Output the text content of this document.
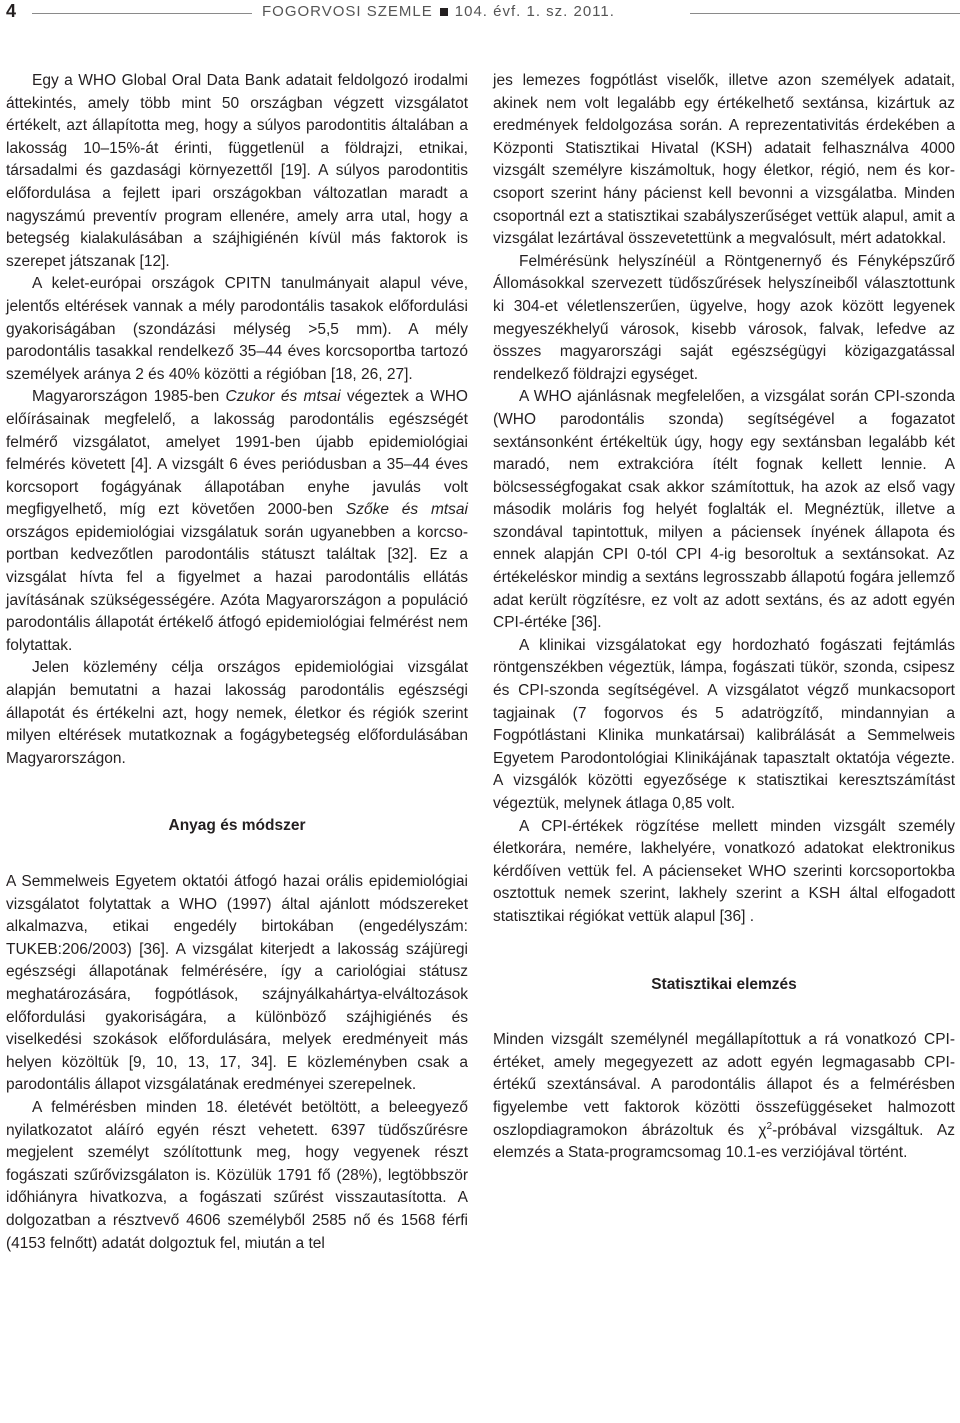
4	FOGORVOSI SZEMLE 104. évf. 1. sz. 2011.

Egy a WHO Global Oral Data Bank adatait feldolgozó irodalmi áttekintés, amely több mint 50 országban végzett vizsgálatot értékelt, azt állapította meg, hogy a súlyos parodontitis általában a lakosság 10–15%-át érinti, függetlenül a földrajzi, etnikai, társadalmi és gazdasági környezettől [19]. A súlyos parodontitis előfordulása a fejlett ipari országokban változatlan maradt a nagyszámú preventív program ellenére, amely arra utal, hogy a betegség kialakulásában a szájhigiénén kívül más faktorok is szerepet játszanak [12].

A kelet-európai országok CPITN tanulmányait alapul véve, jelentős eltérések vannak a mély parodontális tasakok előfordulási gyakoriságában (szondázási mélység >5,5 mm). A mély parodontális tasakkal rendelkező 35–44 éves korcsoportba tartozó személyek aránya 2 és 40% közötti a régióban [18, 26, 27].

Magyarországon 1985-ben Czukor és mtsai végeztek a WHO előírásainak megfelelő, a lakosság parodontális egészségét felmérő vizsgálatot, amelyet 1991-ben újabb epidemiológiai felmérés követett [4]. A vizsgált 6 éves periódusban a 35–44 éves korcsoport fogágyának állapotában enyhe javulás volt megfigyelhető, míg ezt követően 2000-ben Szőke és mtsai országos epidemiológiai vizsgálatuk során ugyanebben a korcsoportban kedvezőtlen parodontális státuszt találtak [32]. Ez a vizsgálat hívta fel a figyelmet a hazai parodontális ellátás javításának szükségességére. Azóta Magyarországon a populáció parodontális állapotát értékelő átfogó epidemiológiai felmérést nem folytattak.

Jelen közlemény célja országos epidemiológiai vizsgálat alapján bemutatni a hazai lakosság parodontális egészségi állapotát és értékelni azt, hogy nemek, életkor és régiók szerint milyen eltérések mutatkoznak a fogágybetegség előfordulásában Magyarországon.

Anyag és módszer

A Semmelweis Egyetem oktatói átfogó hazai orális epidemiológiai vizsgálatot folytattak a WHO (1997) által ajánlott módszereket alkalmazva, etikai engedély birtokában (engedélyszám: TUKEB:206/2003) [36]. A vizsgálat kiterjedt a lakosság szájüregi egészségi állapotának felmérésére, így a cariológiai státusz meghatározására, fogpótlások, szájnyálkahártya-elváltozások előfordulási gyakoriságára, a különböző szájhigiénés és viselkedési szokások előfordulására, melyek eredményeit más helyen közöltük [9, 10, 13, 17, 34]. E közleményben csak a parodontális állapot vizsgálatának eredményei szerepelnek.

A felmérésben minden 18. életévét betöltött, a beleegyező nyilatkozatot aláíró egyén részt vehetett. 6397 tüdőszűrésre megjelent személyt szólítottunk meg, hogy vegyenek részt fogászati szűrővizsgálaton is. Közülük 1791 fő (28%), legtöbbször időhiányra hivatkozva, a fogászati szűrést visszautasította. A dolgozatban a résztvevő 4606 személyből 2585 nő és 1568 férfi (4153 felnőtt) adatát dolgoztuk fel, miután a tel

jes lemezes fogpótlást viselők, illetve azon személyek adatait, akinek nem volt legalább egy értékelhető sextánsa, kizártuk az eredmények feldolgozása során. A reprezentativitás érdekében a Központi Statisztikai Hivatal (KSH) adatait felhasználva 4000 vizsgált személyre kiszámoltuk, hogy életkor, régió, nem és korcsoport szerint hány pácienst kell bevonni a vizsgálatba. Minden csoportnál ezt a statisztikai szabályszerűséget vettük alapul, amit a vizsgálat lezártával összevetettünk a megvalósult, mért adatokkal.

Felmérésünk helyszínéül a Röntgenernyő és Fényképszűrő Állomásokkal szervezett tüdőszűrések helyszíneiből választottunk ki 304-et véletlenszerűen, ügyelve, hogy azok között legyenek megyeszékhelyű városok, kisebb városok, falvak, lefedve az összes magyarországi saját egészségügyi közigazgatással rendelkező földrajzi egységet.

A WHO ajánlásnak megfelelően, a vizsgálat során CPI-szonda (WHO parodontális szonda) segítségével a fogazatot sextánsonként értékeltük úgy, hogy egy sextánsban legalább két maradó, nem extrakcióra ítélt fognak kellett lennie. A bölcsességfogakat csak akkor számítottuk, ha azok az első vagy második moláris fog helyét foglalták el. Megnéztük, illetve a szondával tapintottuk, milyen a páciensek ínyének állapota és ennek alapján CPI 0-tól CPI 4-ig besoroltuk a sextánsokat. Az értékeléskor mindig a sextáns legrosszabb állapotú fogára jellemző adat került rögzítésre, ez volt az adott sextáns, és az adott egyén CPI-értéke [36].

A klinikai vizsgálatokat egy hordozható fogászati fejtámlás röntgenszékben végeztük, lámpa, fogászati tükör, szonda, csipesz és CPI-szonda segítségével. A vizsgálatot végző munkacsoport tagjainak (7 fogorvos és 5 adatrögzítő, mindannyian a Fogpótlástani Klinika munkatársai) kalibrálását a Semmelweis Egyetem Parodontológiai Klinikájának tapasztalt oktatója végezte. A vizsgálók közötti egyezősége κ statisztikai keresztszámítást végeztük, melynek átlaga 0,85 volt.

A CPI-értékek rögzítése mellett minden vizsgált személy életkorára, nemére, lakhelyére, vonatkozó adatokat elektronikus kérdőíven vettük fel. A pácienseket WHO szerinti korcsoportokba osztottuk nemek szerint, lakhely szerint a KSH által elfogadott statisztikai régiókat vettük alapul [36] .

Statisztikai elemzés

Minden vizsgált személynél megállapítottuk a rá vonatkozó CPI-értéket, amely megegyezett az adott egyén legmagasabb CPI-értékű szextánsával. A parodontális állapot és a felmérésben figyelembe vett faktorok közötti összefüggéseket halmozott oszlopdiagramokon ábrázoltuk és $\chi^2$-próbával vizsgáltuk. Az elemzés a Stata-programcsomag 10.1-es verziójával történt.
